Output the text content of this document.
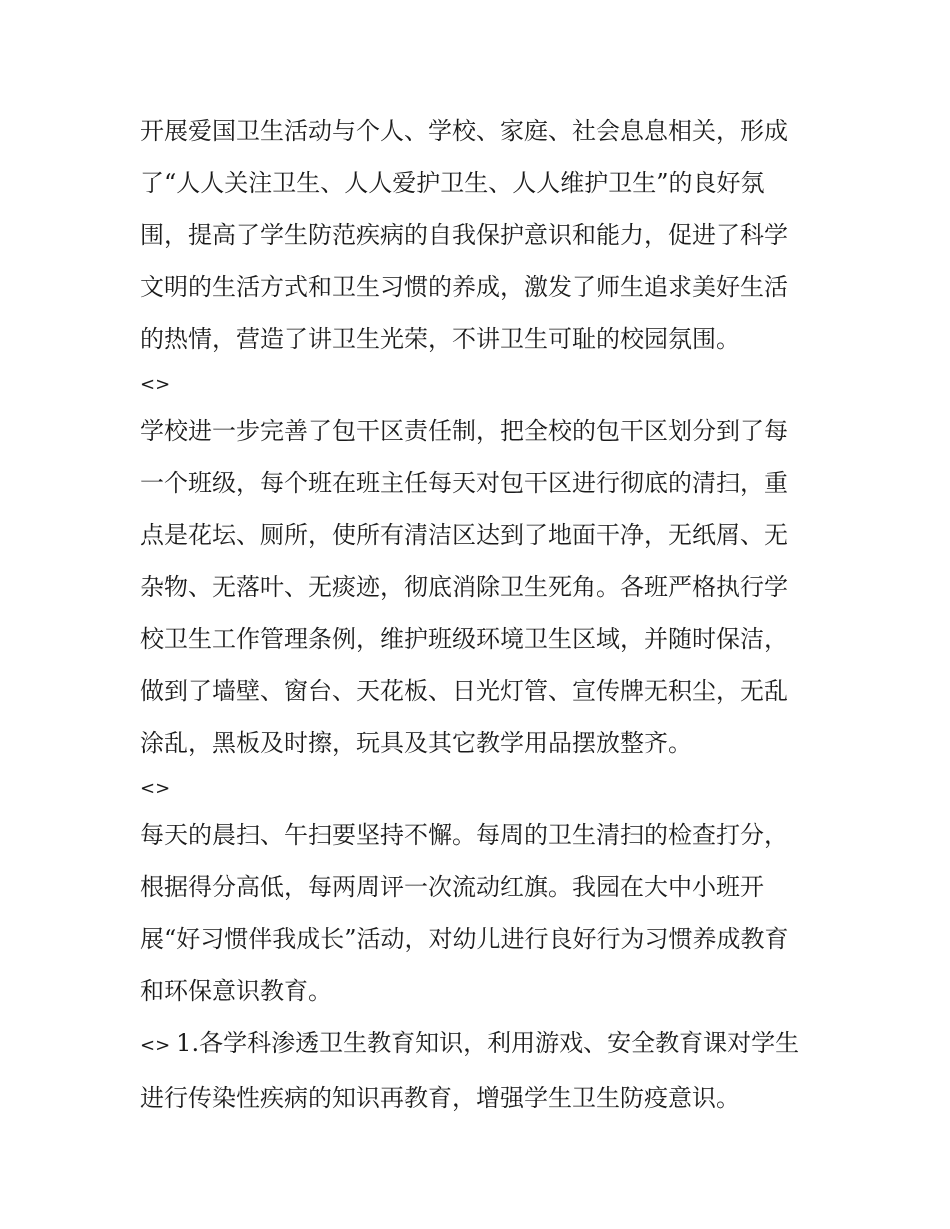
开展爱国卫生活动与个人、学校、家庭、社会息息相关，形成
了“人人关注卫生、人人爱护卫生、人人维护卫生”的良好氛
围，提高了学生防范疾病的自我保护意识和能力，促进了科学
文明的生活方式和卫生习惯的养成，激发了师生追求美好生活
的热情，营造了讲卫生光荣，不讲卫生可耻的校园氛围。
<>
学校进一步完善了包干区责任制，把全校的包干区划分到了每
一个班级，每个班在班主任每天对包干区进行彻底的清扫，重
点是花坛、厕所，使所有清洁区达到了地面干净，无纸屑、无
杂物、无落叶、无痰迹，彻底消除卫生死角。各班严格执行学
校卫生工作管理条例，维护班级环境卫生区域，并随时保洁，
做到了墙壁、窗台、天花板、日光灯管、宣传牌无积尘，无乱
涂乱，黑板及时擦，玩具及其它教学用品摆放整齐。
<>
每天的晨扫、午扫要坚持不懈。每周的卫生清扫的检查打分，
根据得分高低，每两周评一次流动红旗。我园在大中小班开
展“好习惯伴我成长”活动，对幼儿进行良好行为习惯养成教育
和环保意识教育。
<> 1.各学科渗透卫生教育知识，利用游戏、安全教育课对学生
进行传染性疾病的知识再教育，增强学生卫生防疫意识。
